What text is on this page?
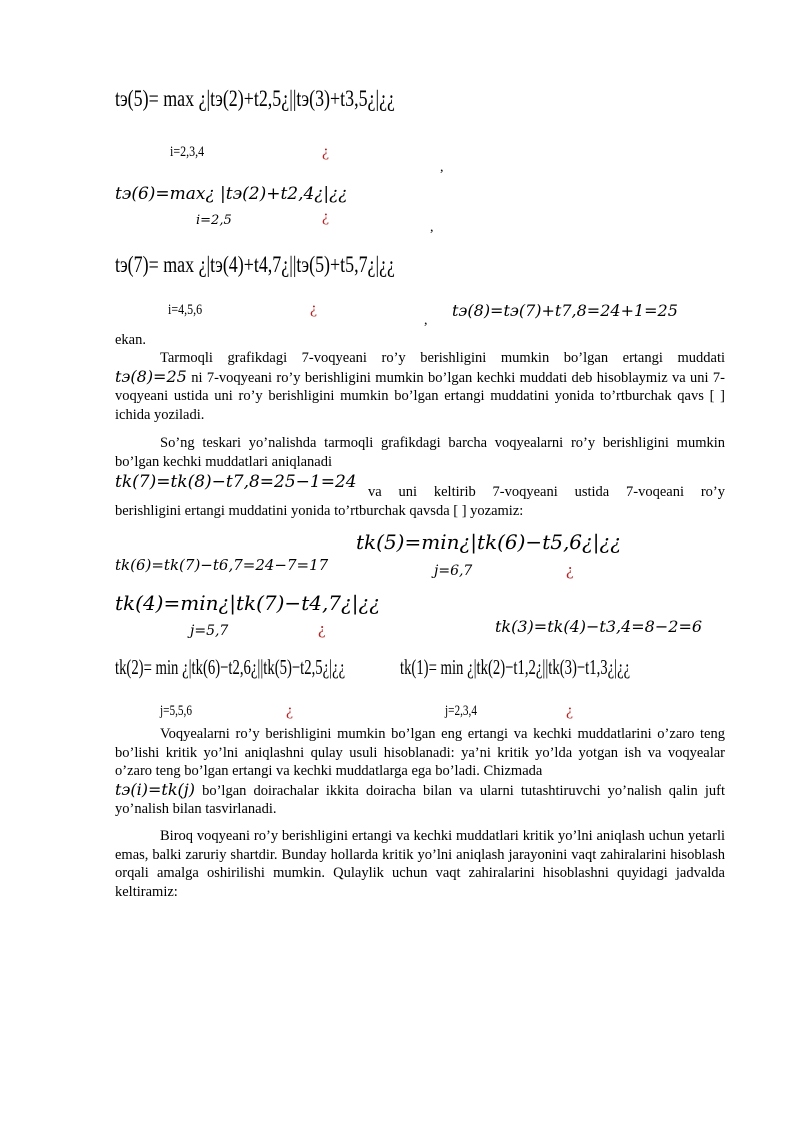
tэ(5)= max ¿|tэ(2)+t2,5¿||tэ(3)+t3,5¿|¿¿
i=2,3,4	¿
,
tэ(6)=max¿ |tэ(2)+t2,4¿|¿¿
i=2,5	¿
,
tэ(7)= max ¿|tэ(4)+t4,7¿||tэ(5)+t5,7¿|¿¿
i=4,5,6	¿
,
tэ(8)=tэ(7)+t7,8=24+1=25
ekan.
Tarmoqli grafikdagi 7-voqyeani ro’y berishligini mumkin bo’lgan ertangi muddati
tэ(8)=25 ni 7-voqyeani ro’y berishligini mumkin bo’lgan kechki muddati deb hisoblaymiz va uni 7-voqyeani ustida uni ro’y berishligini mumkin bo’lgan ertangi muddatini yonida to’rtburchak qavs [ ] ichida yoziladi.
So’ng teskari yo’nalishda tarmoqli grafikdagi barcha voqyealarni ro’y berishligini mumkin bo’lgan kechki muddatlari aniqlanadi
tk(7)=tk(8)−t7,8=25−1=24 va uni keltirib 7-voqyeani ustida 7-voqeani ro’y
berishligini ertangi muddatini yonida to’rtburchak qavsda [ ] yozamiz:
tk(6)=tk(7)−t6,7=24−7=17
tk(5)=min¿|tk(6)−t5,6¿|¿¿
j=6,7	¿
tk(4)=min¿|tk(7)−t4,7¿|¿¿
j=5,7	¿	tk(3)=tk(4)−t3,4=8−2=6
tk(2)= min ¿|tk(6)−t2,6¿||tk(5)−t2,5¿|¿¿
j=5,5,6	¿
tk(1)= min ¿|tk(2)−t1,2¿||tk(3)−t1,3¿|¿¿
j=2,3,4	¿
Voqyealarni ro’y berishligini mumkin bo’lgan eng ertangi va kechki muddatlarini o’zaro teng bo’lishi kritik yo’lni aniqlashni qulay usuli hisoblanadi: ya’ni kritik yo’lda yotgan ish va voqyealar o’zaro teng bo’lgan ertangi va kechki muddatlarga ega bo’ladi. Chizmada
tэ(i)=tk(j) bo’lgan doirachalar ikkita doiracha bilan va ularni tutashtiruvchi yo’nalish qalin juft yo’nalish bilan tasvirlanadi.
Biroq voqyeani ro’y berishligini ertangi va kechki muddatlari kritik yo’lni aniqlash uchun yetarli emas, balki zaruriy shartdir. Bunday hollarda kritik yo’lni aniqlash jarayonini vaqt zahiralarini hisoblash orqali amalga oshirilishi mumkin. Qulaylik uchun vaqt zahiralarini hisoblashni quyidagi jadvalda keltiramiz:
